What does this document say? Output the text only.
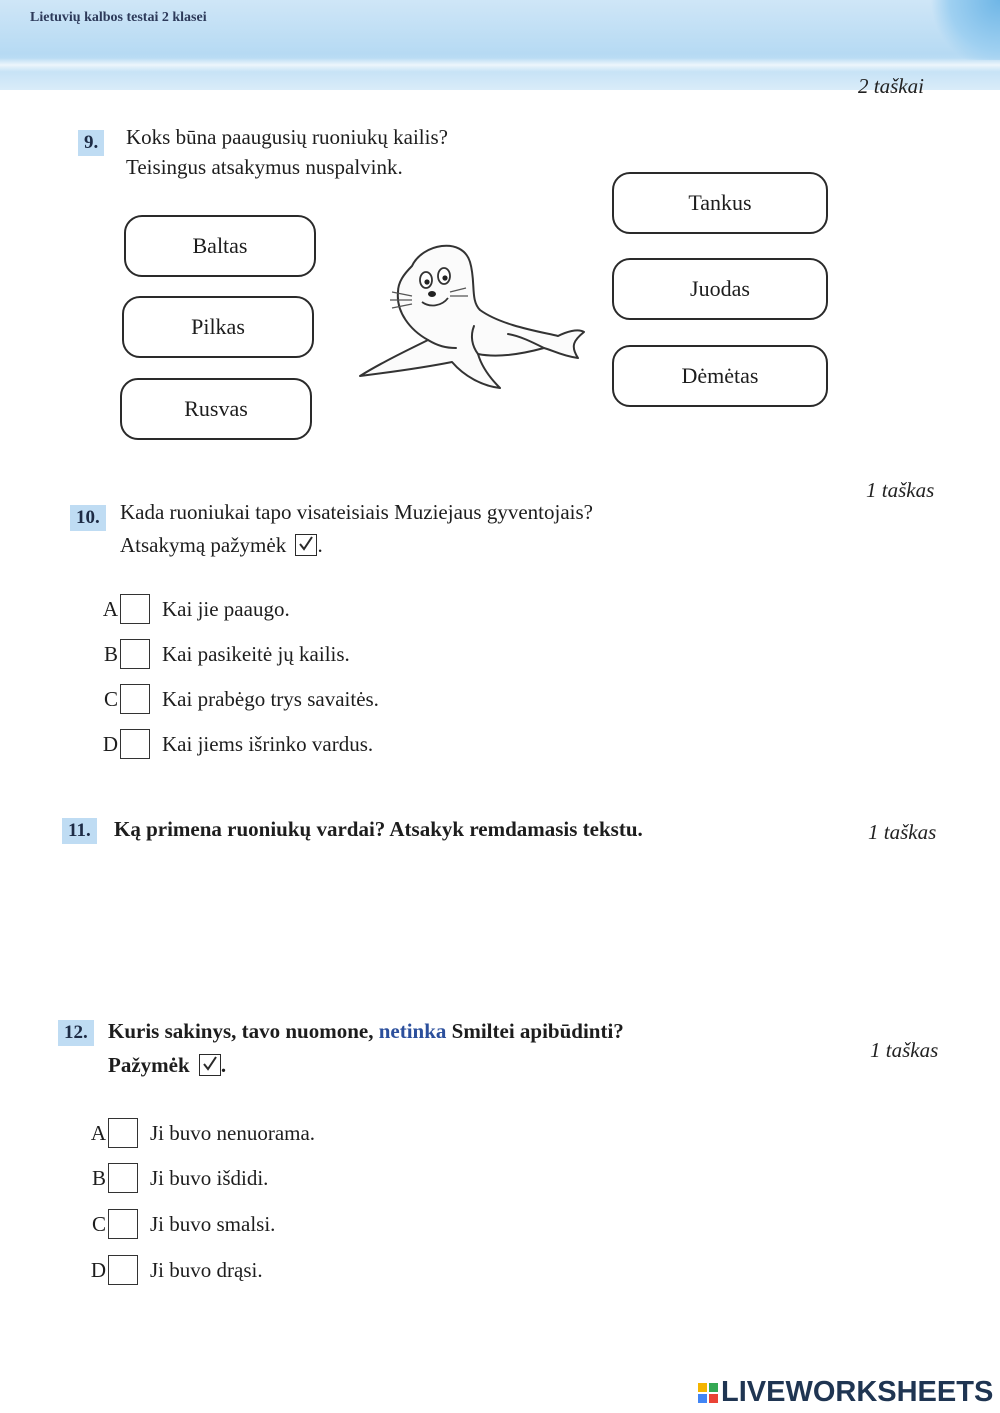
Lietuvių kalbos testai 2 klasei
2 taškai
9. Koks būna paaugusių ruoniukų kailis?
Teisingus atsakymus nuspalvink.
Baltas
Pilkas
Rusvas
Tankus
Juodas
Dėmėtas
1 taškas
10. Kada ruoniukai tapo visateisiais Muziejaus gyventojais?
Atsakymą pažymėk .
A Kai jie paaugo.
B Kai pasikeitė jų kailis.
C Kai prabėgo trys savaitės.
D Kai jiems išrinko vardus.
1 taškas
11. Ką primena ruoniukų vardai? Atsakyk remdamasis tekstu.
1 taškas
12. Kuris sakinys, tavo nuomone, netinka Smiltei apibūdinti?
Pažymėk .
A Ji buvo nenuorama.
B Ji buvo išdidi.
C Ji buvo smalsi.
D Ji buvo drąsi.
LIVEWORKSHEETS
